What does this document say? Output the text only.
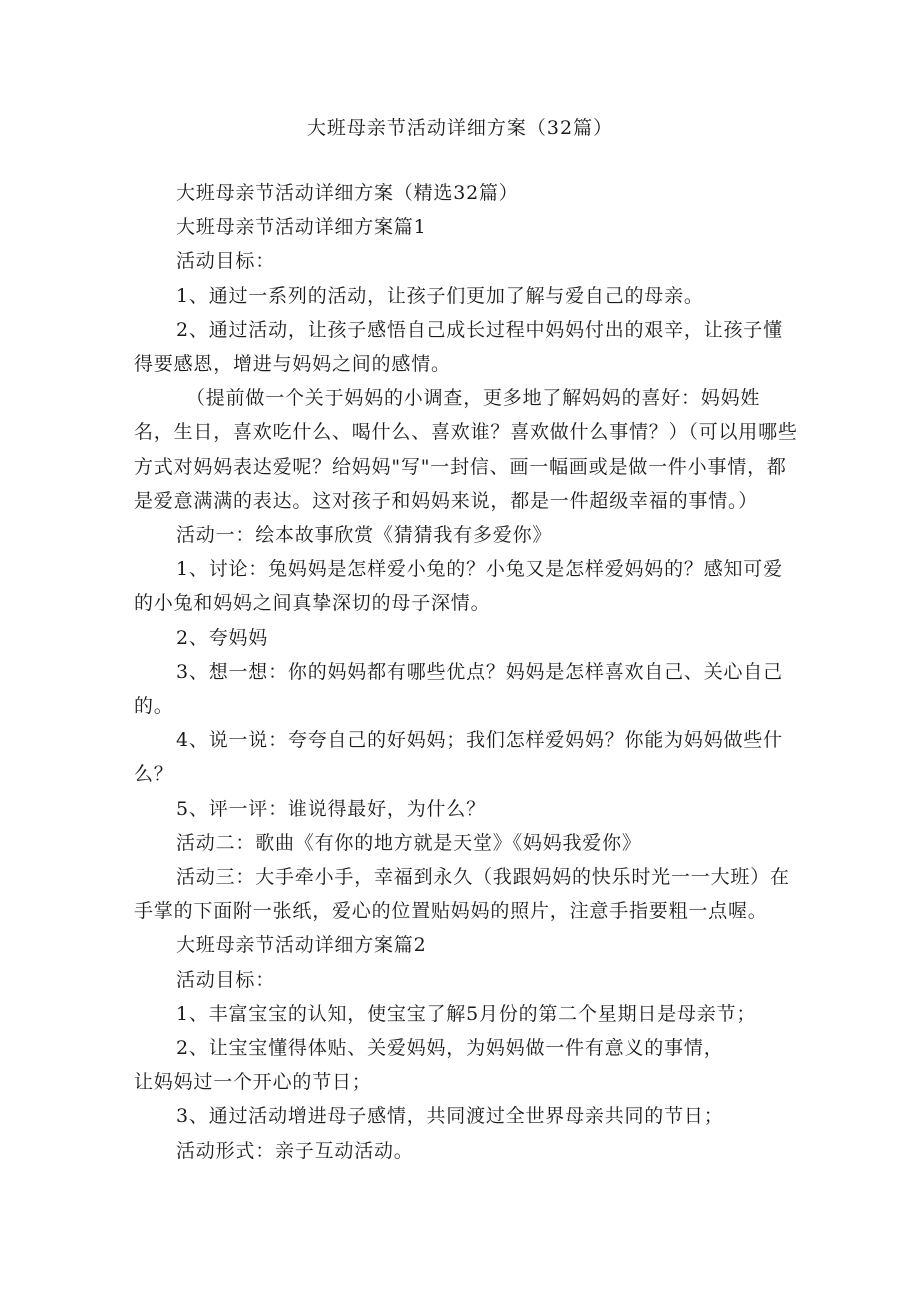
大班母亲节活动详细方案（32篇）

大班母亲节活动详细方案（精选32篇）

大班母亲节活动详细方案篇1

活动目标：

1、通过一系列的活动，让孩子们更加了解与爱自己的母亲。

2、通过活动，让孩子感悟自己成长过程中妈妈付出的艰辛，让孩子懂得要感恩，增进与妈妈之间的感情。

（提前做一个关于妈妈的小调查，更多地了解妈妈的喜好：妈妈姓名，生日，喜欢吃什么、喝什么、喜欢谁？喜欢做什么事情？）（可以用哪些方式对妈妈表达爱呢？给妈妈"写"一封信、画一幅画或是做一件小事情，都是爱意满满的表达。这对孩子和妈妈来说，都是一件超级幸福的事情。）

活动一：绘本故事欣赏《猜猜我有多爱你》

1、讨论：兔妈妈是怎样爱小兔的？小兔又是怎样爱妈妈的？感知可爱的小兔和妈妈之间真挚深切的母子深情。

2、夸妈妈

3、想一想：你的妈妈都有哪些优点？妈妈是怎样喜欢自己、关心自己的。

4、说一说：夸夸自己的好妈妈；我们怎样爱妈妈？你能为妈妈做些什么？

5、评一评：谁说得最好，为什么？

活动二：歌曲《有你的地方就是天堂》《妈妈我爱你》

活动三：大手牵小手，幸福到永久（我跟妈妈的快乐时光一一大班）在手掌的下面附一张纸，爱心的位置贴妈妈的照片，注意手指要粗一点喔。

大班母亲节活动详细方案篇2

活动目标：

1、丰富宝宝的认知，使宝宝了解5月份的第二个星期日是母亲节；

2、让宝宝懂得体贴、关爱妈妈，为妈妈做一件有意义的事情，

让妈妈过一个开心的节日；

3、通过活动增进母子感情，共同渡过全世界母亲共同的节日；

活动形式：亲子互动活动。
